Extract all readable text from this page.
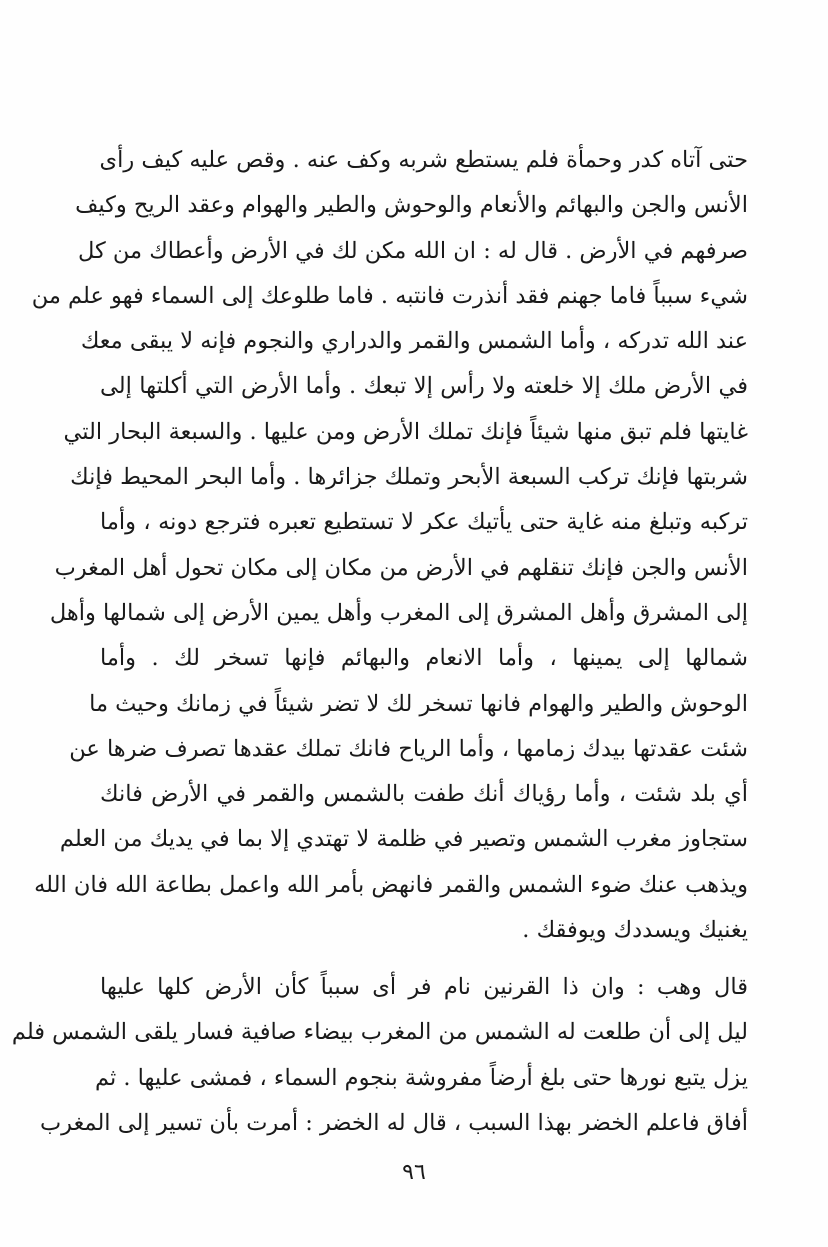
حتى آتاه كدر وحمأة فلم يستطع شربه وكف عنه . وقص عليه كيف رأى
الأنس والجن والبهائم والأنعام والوحوش والطير والهوام وعقد الريح وكيف
صرفهم في الأرض . قال له : ان الله مكن لك في الأرض وأعطاك من كل
شيء سبباً فاما جهنم فقد أنذرت فانتبه . فاما طلوعك إلى السماء فهو علم من
عند الله تدركه ، وأما الشمس والقمر والدراري والنجوم فإنه لا يبقى معك
في الأرض ملك إلا خلعته ولا رأس إلا تبعك . وأما الأرض التي أكلتها إلى
غايتها فلم تبق منها شيئاً فإنك تملك الأرض ومن عليها . والسبعة البحار التي
شربتها فإنك تركب السبعة الأبحر وتملك جزائرها . وأما البحر المحيط فإنك
تركبه وتبلغ منه غاية حتى يأتيك عكر لا تستطيع تعبره فترجع دونه ، وأما
الأنس والجن فإنك تنقلهم في الأرض من مكان إلى مكان تحول أهل المغرب
إلى المشرق وأهل المشرق إلى المغرب وأهل يمين الأرض إلى شمالها وأهل
شمالها إلى يمينها ، وأما الانعام والبهائم فإنها تسخر لك . وأما
الوحوش والطير والهوام فانها تسخر لك لا تضر شيئاً في زمانك وحيث ما
شئت عقدتها بيدك زمامها ، وأما الرياح فانك تملك عقدها تصرف ضرها عن
أي بلد شئت ، وأما رؤياك أنك طفت بالشمس والقمر في الأرض فانك
ستجاوز مغرب الشمس وتصير في ظلمة لا تهتدي إلا بما في يديك من العلم
ويذهب عنك ضوء الشمس والقمر فانهض بأمر الله واعمل بطاعة الله فان الله
يغنيك ويسددك ويوفقك .
قال وهب : وان ذا القرنين نام فر أى سبباً كأن الأرض كلها عليها
ليل إلى أن طلعت له الشمس من المغرب بيضاء صافية فسار يلقى الشمس فلم
يزل يتبع نورها حتى بلغ أرضاً مفروشة بنجوم السماء ، فمشى عليها . ثم
أفاق فاعلم الخضر بهذا السبب ، قال له الخضر : أمرت بأن تسير إلى المغرب
٩٦
